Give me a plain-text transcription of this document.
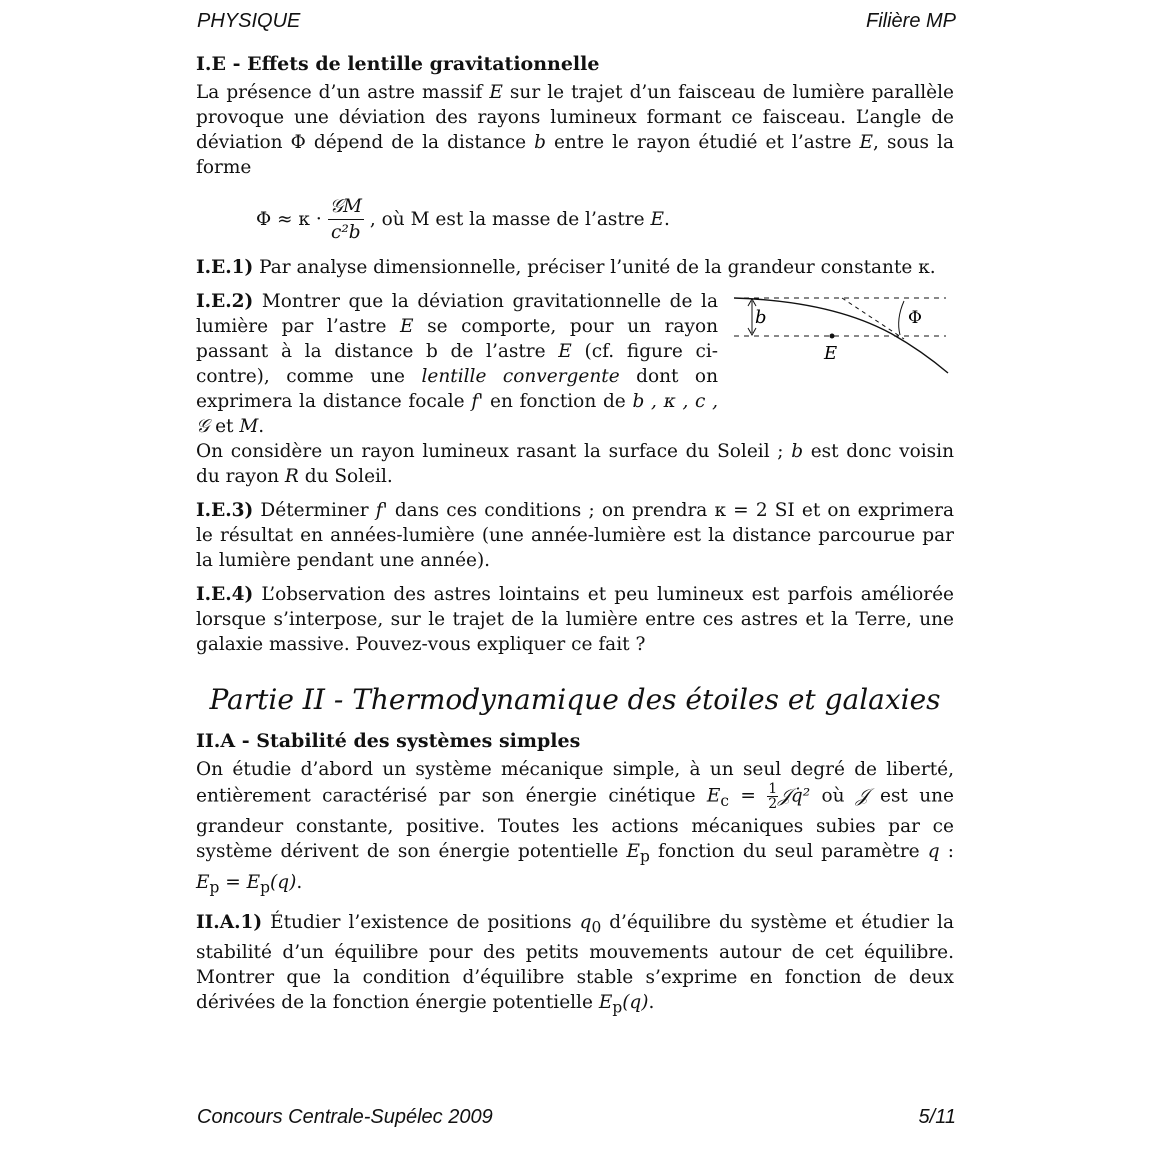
PHYSIQUE	Filière MP
I.E - Effets de lentille gravitationnelle

La présence d’un astre massif E sur le trajet d’un faisceau de lumière parallèle provoque une déviation des rayons lumineux formant ce faisceau. L’angle de déviation Φ dépend de la distance b entre le rayon étudié et l’astre E, sous la forme

$\Phi \approx \kappa \cdot \frac{\text{𝒢M}}{\text{c²b}}$ , où M est la masse de l’astre E.

I.E.1) Par analyse dimensionnelle, préciser l’unité de la grandeur constante κ.

I.E.2) Montrer que la déviation gravitationnelle de la lumière par l’astre E se comporte, pour un rayon passant à la distance b de l’astre E (cf. figure ci-contre), comme une lentille convergente dont on exprimera la distance focale f' en fonction de b , κ , c , 𝒢 et M.

b	Φ
E

On considère un rayon lumineux rasant la surface du Soleil ; b est donc voisin du rayon R du Soleil.

I.E.3) Déterminer f' dans ces conditions ; on prendra κ = 2 SI et on exprimera le résultat en années-lumière (une année-lumière est la distance parcourue par la lumière pendant une année).

I.E.4) L’observation des astres lointains et peu lumineux est parfois améliorée lorsque s’interpose, sur le trajet de la lumière entre ces astres et la Terre, une galaxie massive. Pouvez-vous expliquer ce fait ?

Partie II - Thermodynamique des étoiles et galaxies
II.A - Stabilité des systèmes simples

On étudie d’abord un système mécanique simple, à un seul degré de liberté, entièrement caractérisé par son énergie cinétique $E_c = \frac{1}{2}$ 𝒥q̇² où 𝒥 est une grandeur constante, positive. Toutes les actions mécaniques subies par ce système dérivent de son énergie potentielle $E_p$ fonction du seul paramètre q : $E_p = E_p(q)$.

II.A.1) Étudier l’existence de positions $q_0$ d’équilibre du système et étudier la stabilité d’un équilibre pour des petits mouvements autour de cet équilibre. Montrer que la condition d’équilibre stable s’exprime en fonction de deux dérivées de la fonction énergie potentielle $E_p(q)$.

Concours Centrale-Supélec 2009	5/11
